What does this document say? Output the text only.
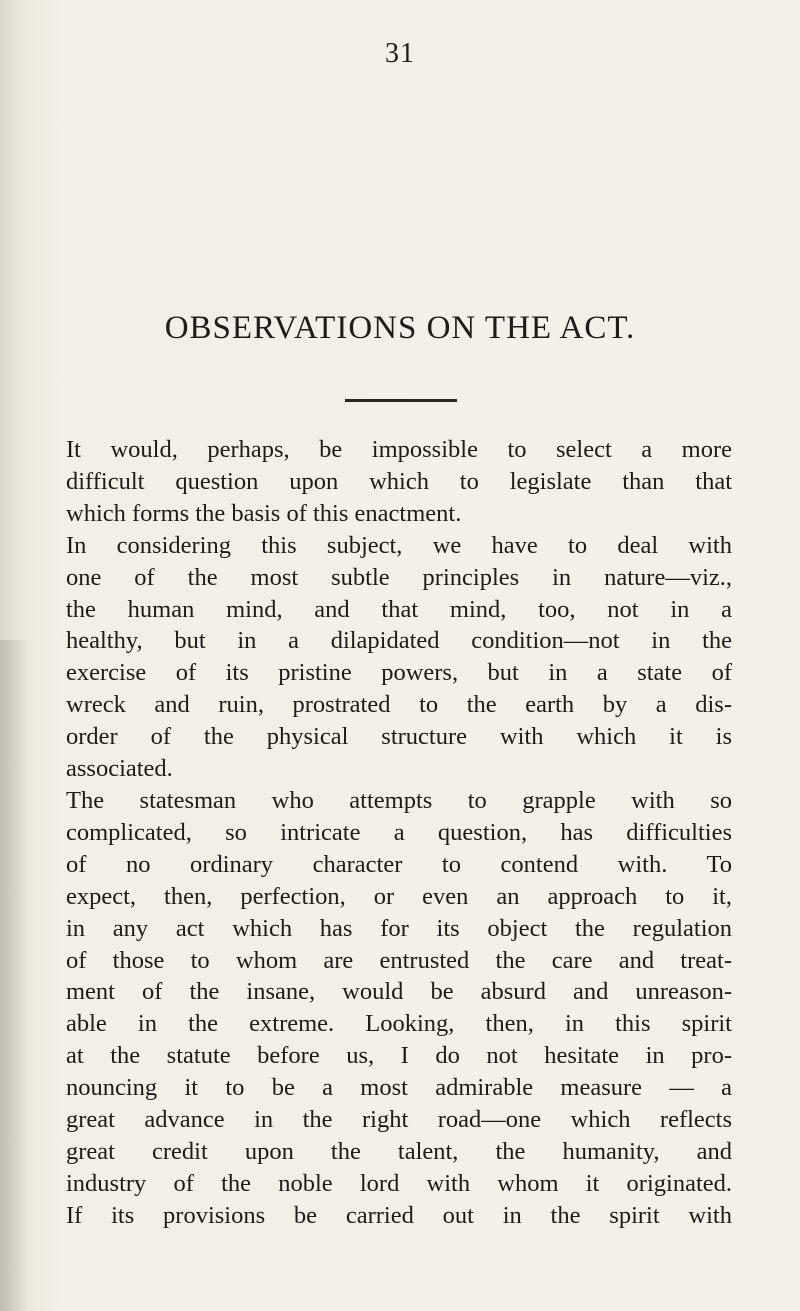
31
OBSERVATIONS ON THE ACT.
It would, perhaps, be impossible to select a more
difficult question upon which to legislate than that
which forms the basis of this enactment.
In considering this subject, we have to deal with
one of the most subtle principles in nature—viz.,
the human mind, and that mind, too, not in a
healthy, but in a dilapidated condition—not in the
exercise of its pristine powers, but in a state of
wreck and ruin, prostrated to the earth by a dis-
order of the physical structure with which it is
associated.
The statesman who attempts to grapple with so
complicated, so intricate a question, has difficulties
of no ordinary character to contend with. To
expect, then, perfection, or even an approach to it,
in any act which has for its object the regulation
of those to whom are entrusted the care and treat-
ment of the insane, would be absurd and unreason-
able in the extreme. Looking, then, in this spirit
at the statute before us, I do not hesitate in pro-
nouncing it to be a most admirable measure — a
great advance in the right road—one which reflects
great credit upon the talent, the humanity, and
industry of the noble lord with whom it originated.
If its provisions be carried out in the spirit with
